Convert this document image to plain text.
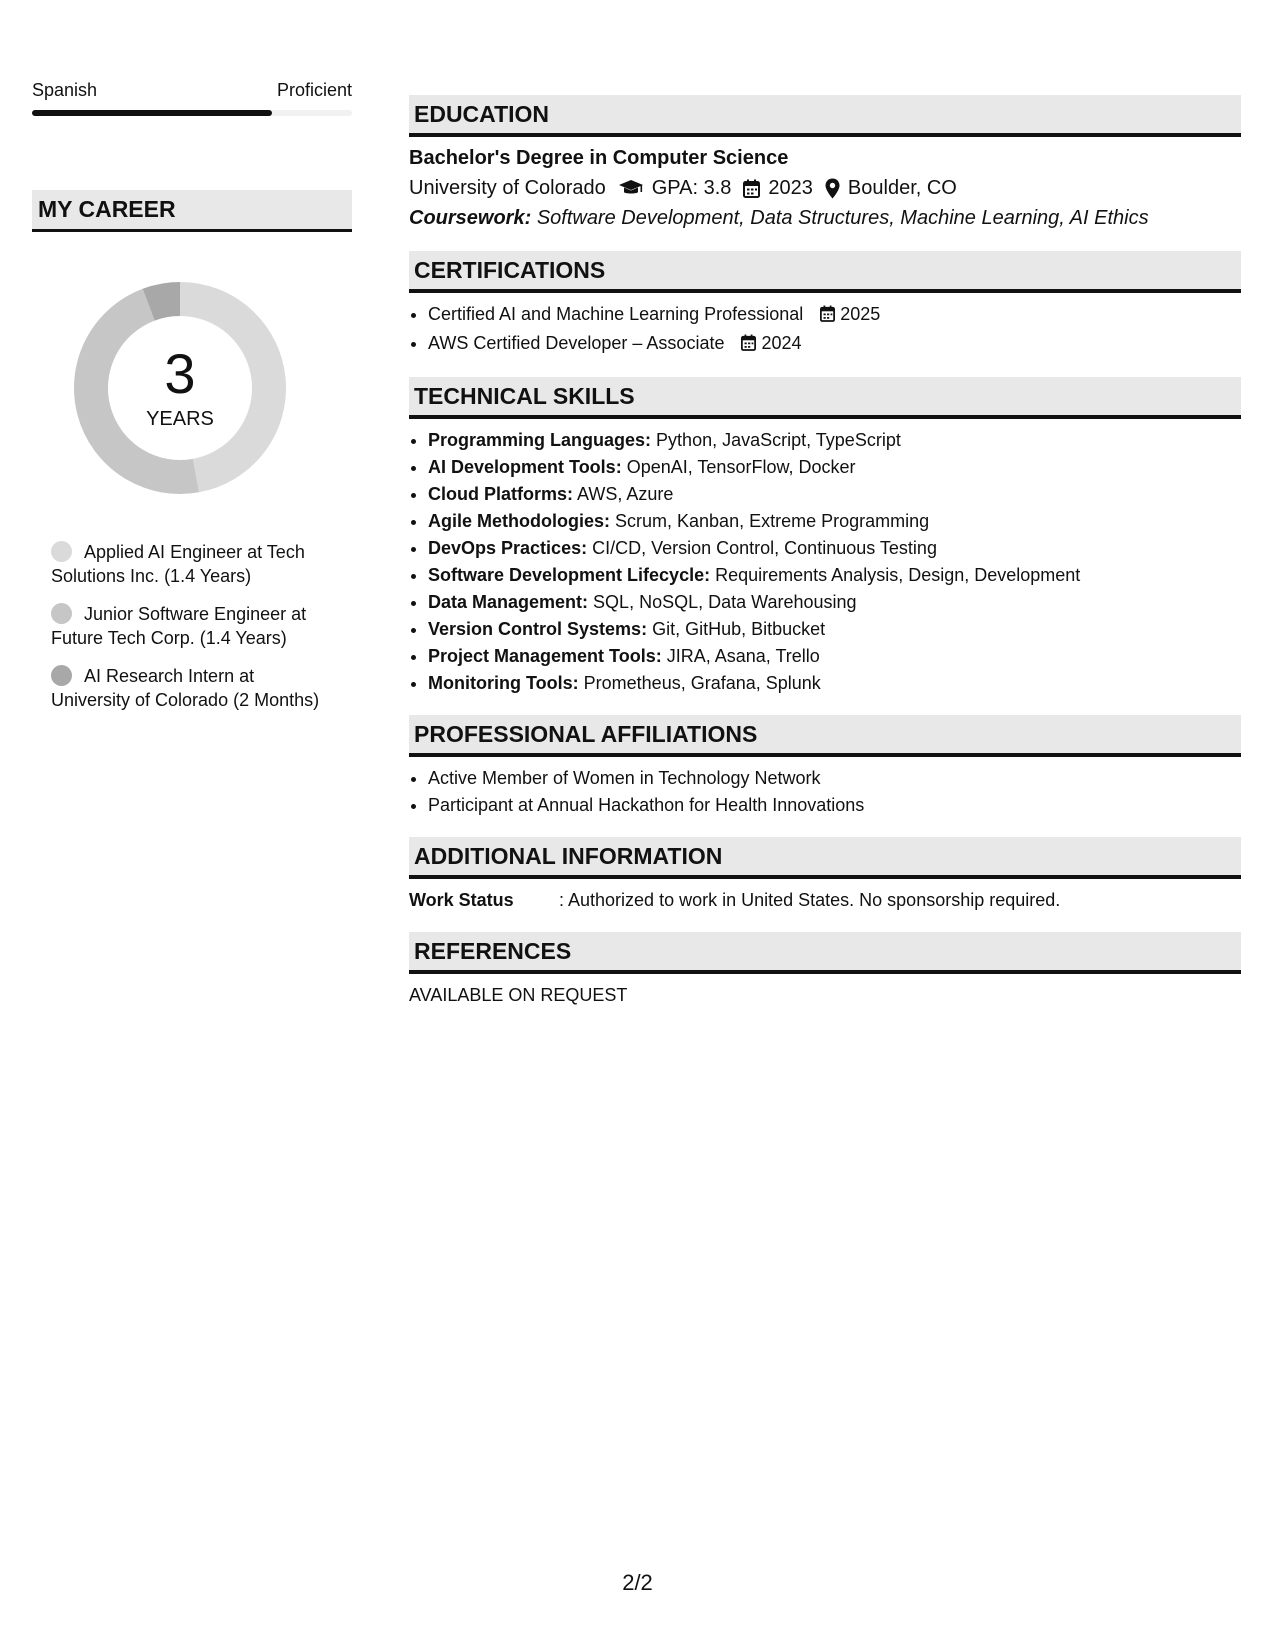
Spanish	Proficient
MY CAREER
3
YEARS
Applied AI Engineer at Tech Solutions Inc. (1.4 Years)
Junior Software Engineer at Future Tech Corp. (1.4 Years)
AI Research Intern at University of Colorado (2 Months)
EDUCATION
Bachelor's Degree in Computer Science
University of Colorado GPA: 3.8 2023 Boulder, CO
Coursework: Software Development, Data Structures, Machine Learning, AI Ethics
CERTIFICATIONS
• Certified AI and Machine Learning Professional 2025
• AWS Certified Developer – Associate 2024
TECHNICAL SKILLS
• Programming Languages: Python, JavaScript, TypeScript
• AI Development Tools: OpenAI, TensorFlow, Docker
• Cloud Platforms: AWS, Azure
• Agile Methodologies: Scrum, Kanban, Extreme Programming
• DevOps Practices: CI/CD, Version Control, Continuous Testing
• Software Development Lifecycle: Requirements Analysis, Design, Development
• Data Management: SQL, NoSQL, Data Warehousing
• Version Control Systems: Git, GitHub, Bitbucket
• Project Management Tools: JIRA, Asana, Trello
• Monitoring Tools: Prometheus, Grafana, Splunk
PROFESSIONAL AFFILIATIONS
• Active Member of Women in Technology Network
• Participant at Annual Hackathon for Health Innovations
ADDITIONAL INFORMATION
Work Status	: Authorized to work in United States. No sponsorship required.
REFERENCES
AVAILABLE ON REQUEST
2/2
